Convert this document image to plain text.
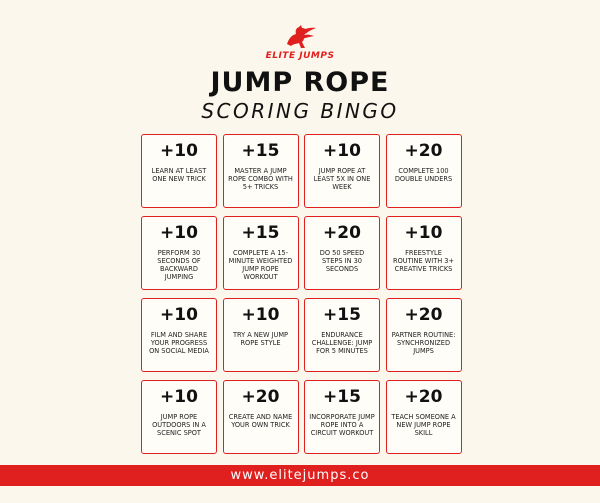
ELITE JUMPS
JUMP ROPE
SCORING BINGO
+10
LEARN AT LEAST ONE NEW TRICK
+15
MASTER A JUMP ROPE COMBO WITH 5+ TRICKS
+10
JUMP ROPE AT LEAST 5X IN ONE WEEK
+20
COMPLETE 100 DOUBLE UNDERS
+10
PERFORM 30 SECONDS OF BACKWARD JUMPING
+15
COMPLETE A 15-MINUTE WEIGHTED JUMP ROPE WORKOUT
+20
DO 50 SPEED STEPS IN 30 SECONDS
+10
FREESTYLE ROUTINE WITH 3+ CREATIVE TRICKS
+10
FILM AND SHARE YOUR PROGRESS ON SOCIAL MEDIA
+10
TRY A NEW JUMP ROPE STYLE
+15
ENDURANCE CHALLENGE: JUMP FOR 5 MINUTES
+20
PARTNER ROUTINE: SYNCHRONIZED JUMPS
+10
JUMP ROPE OUTDOORS IN A SCENIC SPOT
+20
CREATE AND NAME YOUR OWN TRICK
+15
INCORPORATE JUMP ROPE INTO A CIRCUIT WORKOUT
+20
TEACH SOMEONE A NEW JUMP ROPE SKILL
www.elitejumps.co
